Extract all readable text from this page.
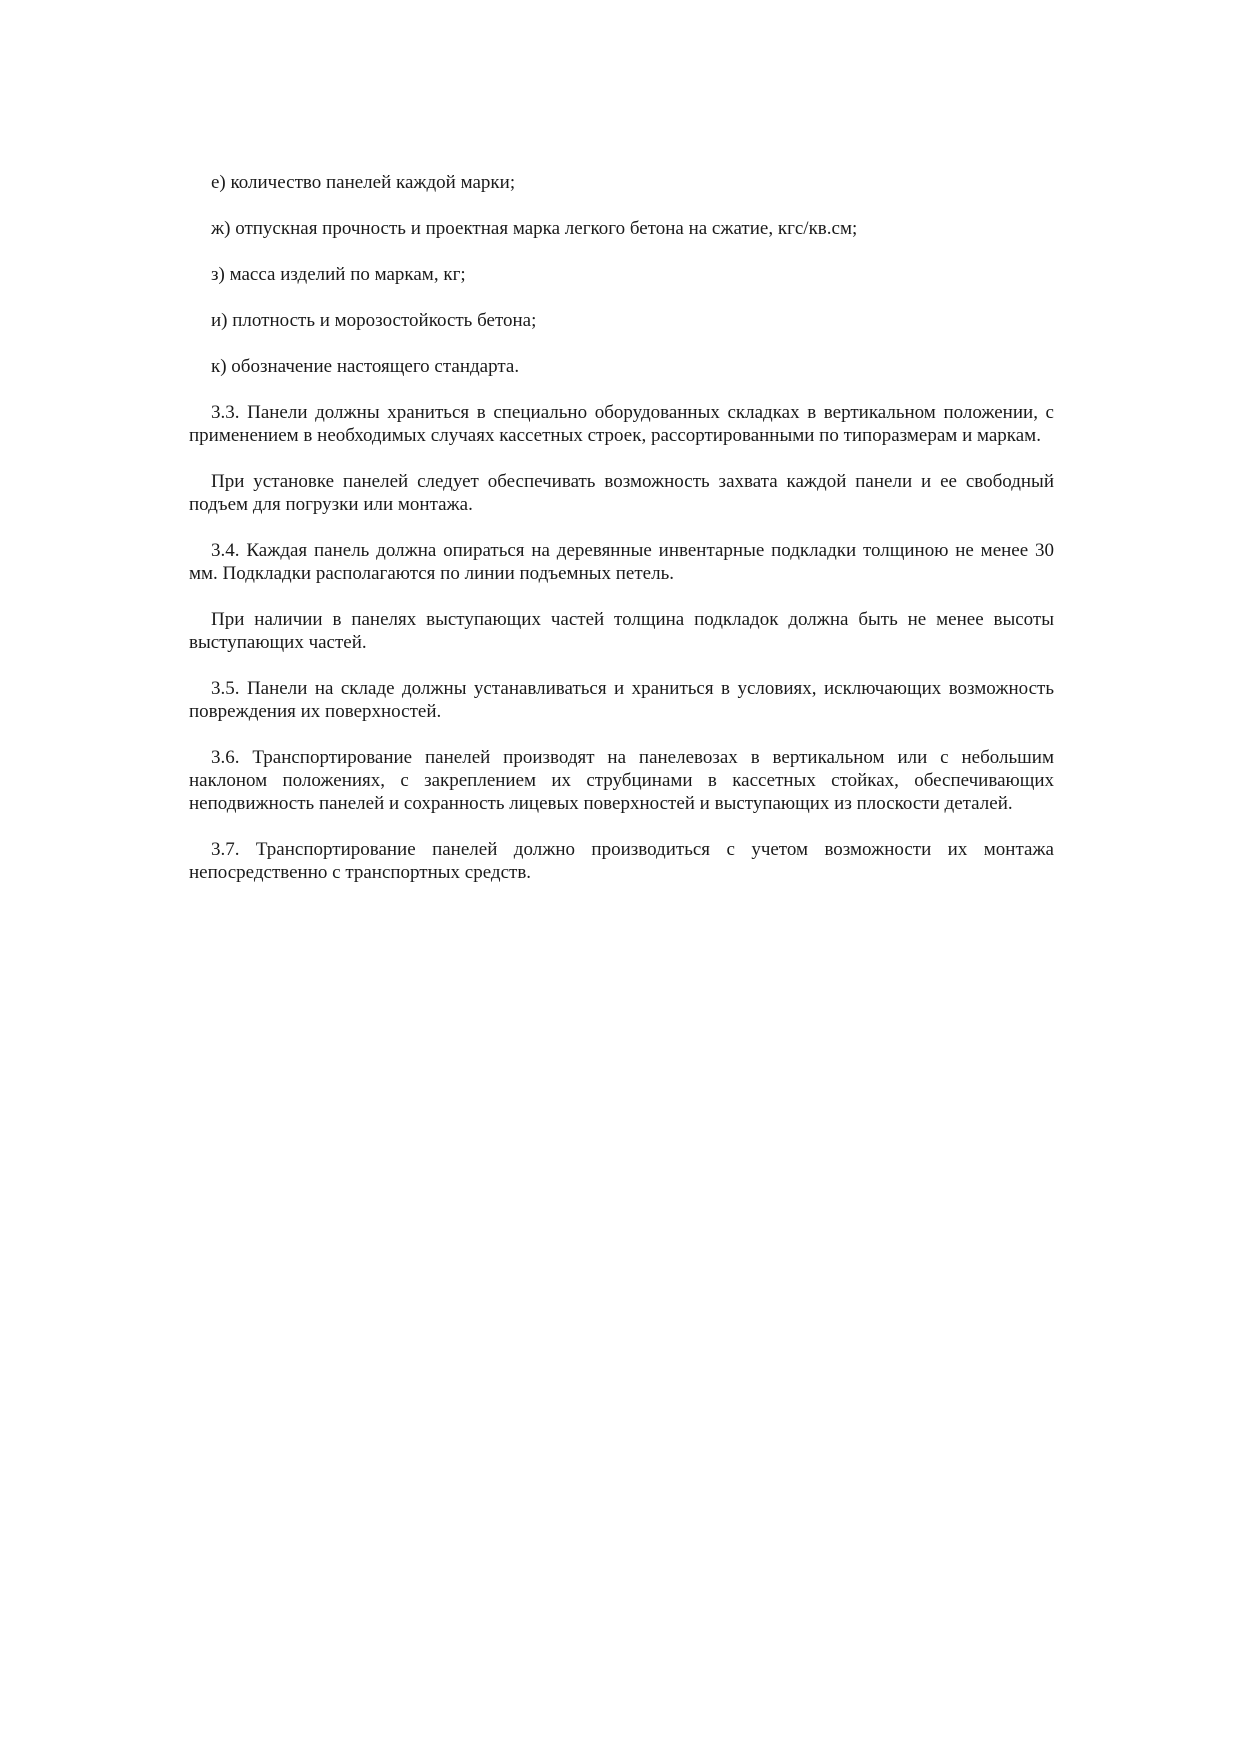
е) количество панелей каждой марки;

ж) отпускная прочность и проектная марка легкого бетона на сжатие, кгс/кв.см;

з) масса изделий по маркам, кг;

и) плотность и морозостойкость бетона;

к) обозначение настоящего стандарта.

3.3. Панели должны храниться в специально оборудованных складках в вертикальном положении, с применением в необходимых случаях кассетных строек, рассортированными по типоразмерам и маркам.

При установке панелей следует обеспечивать возможность захвата каждой панели и ее свободный подъем для погрузки или монтажа.

3.4. Каждая панель должна опираться на деревянные инвентарные подкладки толщиною не менее 30 мм. Подкладки располагаются по линии подъемных петель.

При наличии в панелях выступающих частей толщина подкладок должна быть не менее высоты выступающих частей.

3.5. Панели на складе должны устанавливаться и храниться в условиях, исключающих возможность повреждения их поверхностей.

3.6. Транспортирование панелей производят на панелевозах в вертикальном или с небольшим наклоном положениях, с закреплением их струбцинами в кассетных стойках, обеспечивающих неподвижность панелей и сохранность лицевых поверхностей и выступающих из плоскости деталей.

3.7. Транспортирование панелей должно производиться с учетом возможности их монтажа непосредственно с транспортных средств.
